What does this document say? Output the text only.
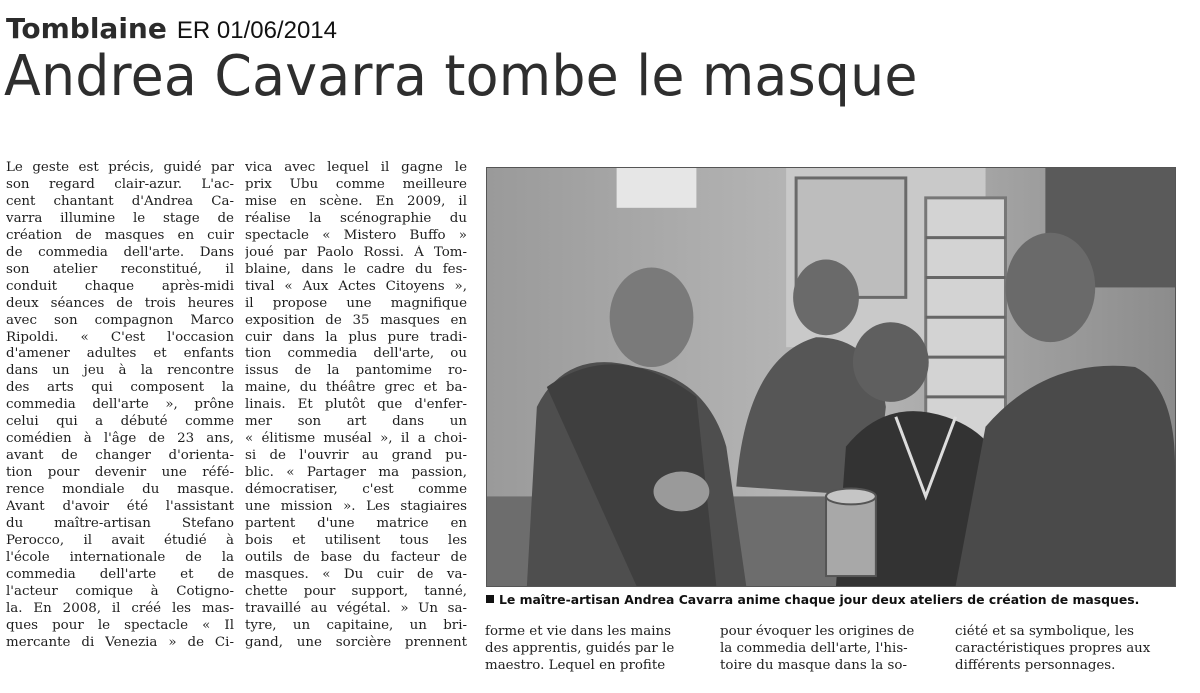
Tomblaine ER 01/06/2014
Andrea Cavarra tombe le masque
Le geste est précis, guidé par
son regard clair-azur. L'ac-
cent chantant d'Andrea Ca-
varra illumine le stage de
création de masques en cuir
de commedia dell'arte. Dans
son atelier reconstitué, il
conduit chaque après-midi
deux séances de trois heures
avec son compagnon Marco
Ripoldi. « C'est l'occasion
d'amener adultes et enfants
dans un jeu à la rencontre
des arts qui composent la
commedia dell'arte », prône
celui qui a débuté comme
comédien à l'âge de 23 ans,
avant de changer d'orienta-
tion pour devenir une réfé-
rence mondiale du masque.
Avant d'avoir été l'assistant
du maître-artisan Stefano
Perocco, il avait étudié à
l'école internationale de la
commedia dell'arte et de
l'acteur comique à Cotigno-
la. En 2008, il créé les mas-
ques pour le spectacle « Il
mercante di Venezia » de Ci-
vica avec lequel il gagne le
prix Ubu comme meilleure
mise en scène. En 2009, il
réalise la scénographie du
spectacle « Mistero Buffo »
joué par Paolo Rossi. À Tom-
blaine, dans le cadre du fes-
tival « Aux Actes Citoyens »,
il propose une magnifique
exposition de 35 masques en
cuir dans la plus pure tradi-
tion commedia dell'arte, ou
issus de la pantomime ro-
maine, du théâtre grec et ba-
linais. Et plutôt que d'enfer-
mer son art dans un
« élitisme muséal », il a choi-
si de l'ouvrir au grand pu-
blic. « Partager ma passion,
démocratiser, c'est comme
une mission ». Les stagiaires
partent d'une matrice en
bois et utilisent tous les
outils de base du facteur de
masques. « Du cuir de va-
chette pour support, tanné,
travaillé au végétal. » Un sa-
tyre, un capitaine, un bri-
gand, une sorcière prennent
Le maître-artisan Andrea Cavarra anime chaque jour deux ateliers de création de masques.
forme et vie dans les mains
des apprentis, guidés par le
maestro. Lequel en profite
pour évoquer les origines de
la commedia dell'arte, l'his-
toire du masque dans la so-
ciété et sa symbolique, les
caractéristiques propres aux
différents personnages.
